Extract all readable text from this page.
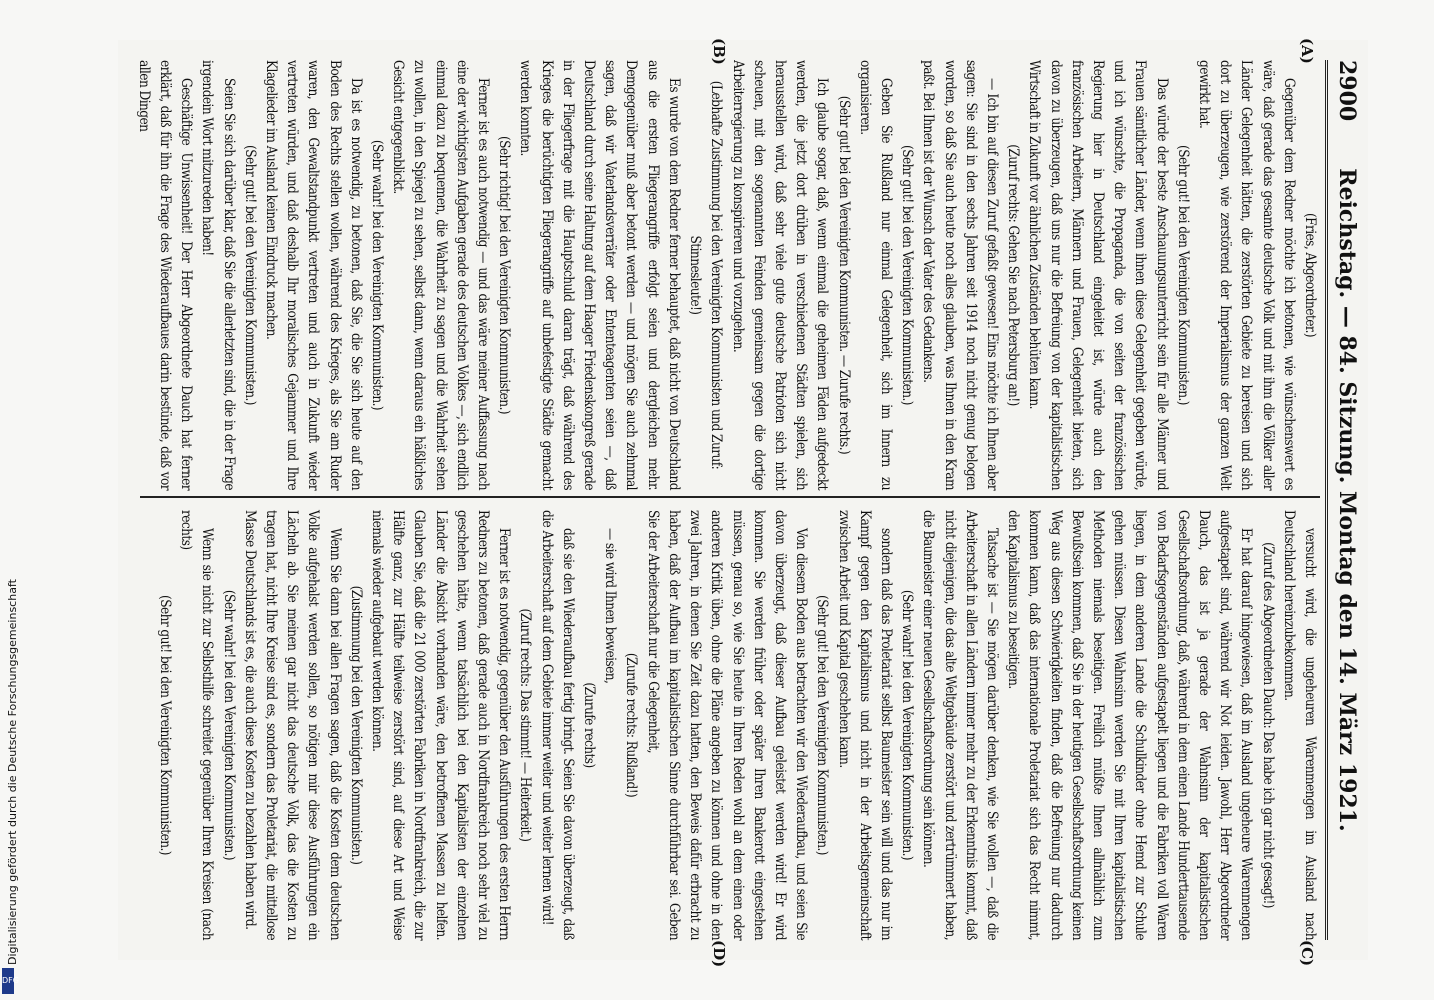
2900
Reichstag. — 84. Sitzung. Montag den 14. März 1921.
(A)
(B)
(C)
(D)

(Fries, Abgeordneter.)

Gegenüber dem Redner möchte ich betonen, wie wünschenswert es wäre, daß gerade das gesamte deutsche Volk und mit ihm die Völker aller Länder Gelegenheit hätten, die zerstörten Gebiete zu bereisen und sich dort zu überzeugen, wie zerstörend der Imperialismus der ganzen Welt gewirkt hat.

(Sehr gut! bei den Vereinigten Kommunisten.)

Das würde der beste Anschauungsunterricht sein für alle Männer und Frauen sämtlicher Länder, wenn ihnen diese Gelegenheit gegeben würde, und ich wünschte, die Propaganda, die von seiten der französischen Regierung hier in Deutschland eingeleitet ist, würde auch den französischen Arbeitern, Männern und Frauen, Gelegenheit bieten, sich davon zu überzeugen, daß uns nur die Befreiung von der kapitalistischen Wirtschaft in Zukunft vor ähnlichen Zuständen behüten kann.

(Zuruf rechts: Gehen Sie nach Petersburg an!)

— Ich bin auf diesen Zuruf gefaßt gewesen! Eins möchte ich Ihnen aber sagen: Sie sind in den sechs Jahren seit 1914 noch nicht genug belogen worden, so daß Sie auch heute noch alles glauben, was Ihnen in den Kram paßt. Bei Ihnen ist der Wunsch der Vater des Gedankens.

(Sehr gut! bei den Vereinigten Kommunisten.)

Geben Sie Rußland nur einmal Gelegenheit, sich im Innern zu organisieren.

(Sehr gut! bei den Vereinigten Kommunisten. — Zurufe rechts.)

Ich glaube sogar, daß, wenn einmal die geheimen Fäden aufgedeckt werden, die jetzt dort drüben in verschiedenen Städten spielen, sich herausstellen wird, daß sehr viele gute deutsche Patrioten sich nicht scheuen, mit den sogenannten Feinden gemeinsam gegen die dortige Arbeiterregierung zu konspirieren und vorzugehen.

(Lebhafte Zustimmung bei den Vereinigten Kommunisten und Zuruf: Stinnesleute!)

Es wurde von dem Redner ferner behauptet, daß nicht von Deutschland aus die ersten Fliegerangriffe erfolgt seien und dergleichen mehr. Demgegenüber muß aber betont werden — und mögen Sie auch zehnmal sagen, daß wir Vaterlandsverräter oder Ententeagenten seien —, daß Deutschland durch seine Haltung auf dem Haager Friedenskongreß gerade in der Fliegerfrage mit die Hauptschuld daran trägt, daß während des Krieges die berüchtigten Fliegerangriffe auf unbefestigte Städte gemacht werden konnten.

(Sehr richtig! bei den Vereinigten Kommunisten.)

Ferner ist es auch notwendig — und das wäre meiner Auffassung nach eine der wichtigsten Aufgaben gerade des deutschen Volkes —, sich endlich einmal dazu zu bequemen, die Wahrheit zu sagen und die Wahrheit sehen zu wollen, in den Spiegel zu sehen, selbst dann, wenn daraus ein häßliches Gesicht entgegenblickt.

(Sehr wahr! bei den Vereinigten Kommunisten.)

Da ist es notwendig, zu betonen, daß Sie, die Sie sich heute auf den Boden des Rechts stellen wollen, während des Krieges, als Sie am Ruder waren, den Gewaltstandpunkt vertreten und auch in Zukunft wieder vertreten würden, und daß deshalb Ihr moralisches Gejammer und Ihre Klagelieder im Ausland keinen Eindruck machen.

(Sehr gut! bei den Vereinigten Kommunisten.)

Seien Sie sich darüber klar, daß Sie die allerletzten sind, die in der Frage irgendein Wort mitzureden haben!

Geschäftige Unwissenheit! Der Herr Abgeordnete Dauch hat ferner erklärt, daß für ihn die Frage des Wiederaufbaues darin bestünde, daß vor allen Dingen

versucht wird, die ungeheuren Warenmengen im Ausland nach Deutschland hereinzubekommen.

(Zuruf des Abgeordneten Dauch: Das habe ich gar nicht gesagt!)

Er hat darauf hingewiesen, daß im Ausland ungeheure Warenmengen aufgestapelt sind, während wir Not leiden. Jawohl, Herr Abgeordneter Dauch, das ist ja gerade der Wahnsinn der kapitalistischen Gesellschaftsordnung, daß, während in dem einen Lande Hunderttausende von Bedarfsgegenständen aufgestapelt liegen und die Fabriken voll Waren liegen, in dem anderen Lande die Schulkinder ohne Hemd zur Schule gehen müssen. Diesen Wahnsinn werden Sie mit Ihren kapitalistischen Methoden niemals beseitigen. Freilich müßte Ihnen allmählich zum Bewußtsein kommen, daß Sie in der heutigen Gesellschaftsordnung keinen Weg aus diesen Schwierigkeiten finden, daß die Befreiung nur dadurch kommen kann, daß das internationale Proletariat sich das Recht nimmt, den Kapitalismus zu beseitigen.

Tatsache ist — Sie mögen darüber denken, wie Sie wollen —, daß die Arbeiterschaft in allen Ländern immer mehr zu der Erkenntnis kommt, daß nicht diejenigen, die das alte Weltgebäude zerstört und zertrümmert haben, die Baumeister einer neuen Gesellschaftsordnung sein können.

(Sehr wahr! bei den Vereinigten Kommunisten.)

sondern daß das Proletariat selbst Baumeister sein will und das nur im Kampf gegen den Kapitalismus und nicht in der Arbeitsgemeinschaft zwischen Arbeit und Kapital geschehen kann.

(Sehr gut! bei den Vereinigten Kommunisten.)

Von diesem Boden aus betrachten wir den Wiederaufbau, und seien Sie davon überzeugt, daß dieser Aufbau geleistet werden wird! Er wird kommen. Sie werden früher oder später Ihren Bankerott eingestehen müssen, genau so, wie Sie heute in Ihren Reden wohl an dem einen oder anderen Kritik üben, ohne die Pläne angeben zu können und ohne in den zwei Jahren, in denen Sie Zeit dazu hatten, den Beweis dafür erbracht zu haben, daß der Aufbau im kapitalistischen Sinne durchführbar sei. Geben Sie der Arbeiterschaft nur die Gelegenheit,

(Zurufe rechts: Rußland!)

— sie wird Ihnen beweisen,

(Zurufe rechts)

daß sie den Wiederaufbau fertig bringt. Seien Sie davon überzeugt, daß die Arbeiterschaft auf dem Gebiete immer weiter und weiter lernen wird!

(Zuruf rechts: Das stimmt! — Heiterkeit.)

Ferner ist es notwendig, gegenüber den Ausführungen des ersten Herrn Redners zu betonen, daß gerade auch in Nordfrankreich noch sehr viel zu geschehen hätte, wenn tatsächlich bei den Kapitalisten der einzelnen Länder die Absicht vorhanden wäre, den betroffenen Massen zu helfen. Glauben Sie, daß die 21 000 zerstörten Fabriken in Nordfrankreich, die zur Hälfte ganz, zur Hälfte teilweise zerstört sind, auf diese Art und Weise niemals wieder aufgebaut werden können.

(Zustimmung bei den Vereinigten Kommunisten.)

Wenn Sie dann bei allen Fragen sagen, daß die Kosten dem deutschen Volke aufgehalst werden sollen, so nötigen mir diese Ausführungen ein Lächeln ab. Sie meinen gar nicht das deutsche Volk, das die Kosten zu tragen hat, nicht Ihre Kreise sind es, sondern das Proletariat, die mittellose Masse Deutschlands ist es, die auch diese Kosten zu bezahlen haben wird.

(Sehr wahr! bei den Vereinigten Kommunisten.)

Wenn sie nicht zur Selbsthilfe schreitet gegenüber Ihren Kreisen (nach rechts)

(Sehr gut! bei den Vereinigten Kommunisten.)

Digitalisierung gefördert durch die Deutsche Forschungsgemeinschaft
DFG
